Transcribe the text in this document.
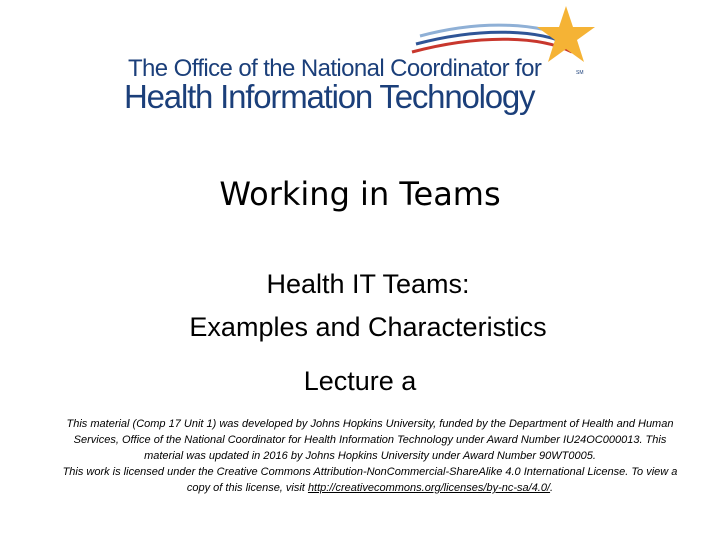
The Office of the National Coordinator for
Health Information Technology
SM
Working in Teams
Health IT Teams:
Examples and Characteristics
Lecture a

This material (Comp 17 Unit 1) was developed by Johns Hopkins University, funded by the Department of Health and Human Services, Office of the National Coordinator for Health Information Technology under Award Number IU24OC000013. This material was updated in 2016 by Johns Hopkins University under Award Number 90WT0005.

This work is licensed under the Creative Commons Attribution-NonCommercial-ShareAlike 4.0 International License. To view a copy of this license, visit http://creativecommons.org/licenses/by-nc-sa/4.0/.
